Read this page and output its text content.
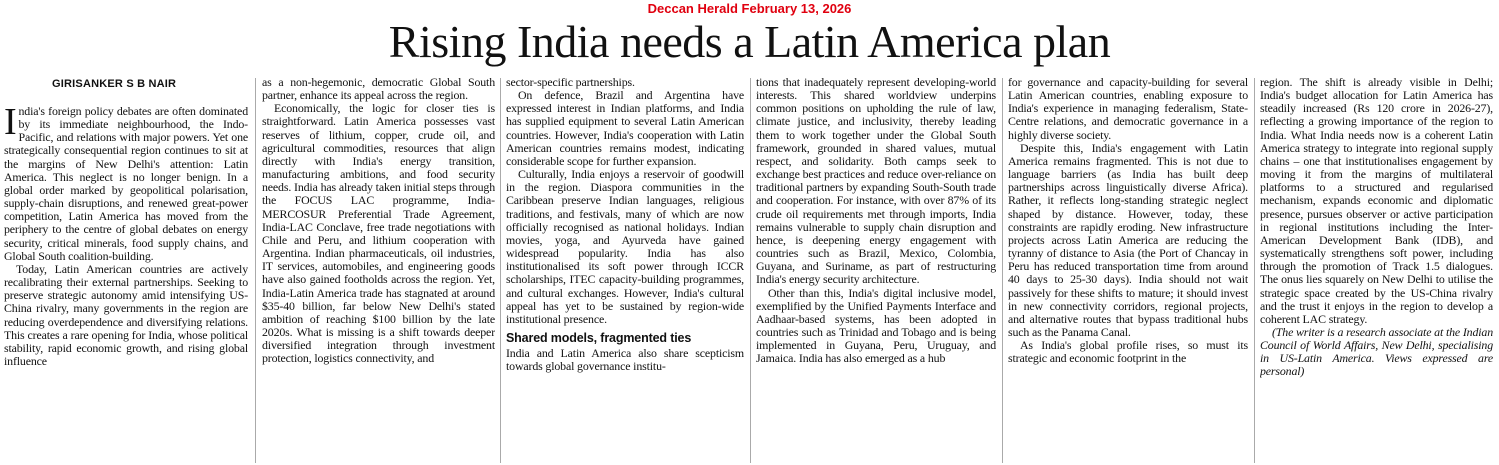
Deccan Herald February 13, 2026
Rising India needs a Latin America plan
GIRISANKER S B NAIR

India's foreign policy debates are often dominated by its immediate neighbourhood, the Indo-Pacific, and relations with major powers. Yet one strategically consequential region continues to sit at the margins of New Delhi's attention: Latin America. This neglect is no longer benign. In a global order marked by geopolitical polarisation, supply-chain disruptions, and renewed great-power competition, Latin America has moved from the periphery to the centre of global debates on energy security, critical minerals, food supply chains, and Global South coalition-building.

Today, Latin American countries are actively recalibrating their external partnerships. Seeking to preserve strategic autonomy amid intensifying US-China rivalry, many governments in the region are reducing overdependence and diversifying relations. This creates a rare opening for India, whose political stability, rapid economic growth, and rising global influence

as a non-hegemonic, democratic Global South partner, enhance its appeal across the region.

Economically, the logic for closer ties is straightforward. Latin America possesses vast reserves of lithium, copper, crude oil, and agricultural commodities, resources that align directly with India's energy transition, manufacturing ambitions, and food security needs. India has already taken initial steps through the FOCUS LAC programme, India-MERCOSUR Preferential Trade Agreement, India-LAC Conclave, free trade negotiations with Chile and Peru, and lithium cooperation with Argentina. Indian pharmaceuticals, oil industries, IT services, automobiles, and engineering goods have also gained footholds across the region. Yet, India-Latin America trade has stagnated at around $35-40 billion, far below New Delhi's stated ambition of reaching $100 billion by the late 2020s. What is missing is a shift towards deeper diversified integration through investment protection, logistics connectivity, and

sector-specific partnerships.

On defence, Brazil and Argentina have expressed interest in Indian platforms, and India has supplied equipment to several Latin American countries. However, India's cooperation with Latin American countries remains modest, indicating considerable scope for further expansion.

Culturally, India enjoys a reservoir of goodwill in the region. Diaspora communities in the Caribbean preserve Indian languages, religious traditions, and festivals, many of which are now officially recognised as national holidays. Indian movies, yoga, and Ayurveda have gained widespread popularity. India has also institutionalised its soft power through ICCR scholarships, ITEC capacity-building programmes, and cultural exchanges. However, India's cultural appeal has yet to be sustained by region-wide institutional presence.

Shared models, fragmented ties

India and Latin America also share scepticism towards global governance institu-

tions that inadequately represent developing-world interests. This shared worldview underpins common positions on upholding the rule of law, climate justice, and inclusivity, thereby leading them to work together under the Global South framework, grounded in shared values, mutual respect, and solidarity. Both camps seek to exchange best practices and reduce over-reliance on traditional partners by expanding South-South trade and cooperation. For instance, with over 87% of its crude oil requirements met through imports, India remains vulnerable to supply chain disruption and hence, is deepening energy engagement with countries such as Brazil, Mexico, Colombia, Guyana, and Suriname, as part of restructuring India's energy security architecture.

Other than this, India's digital inclusive model, exemplified by the Unified Payments Interface and Aadhaar-based systems, has been adopted in countries such as Trinidad and Tobago and is being implemented in Guyana, Peru, Uruguay, and Jamaica. India has also emerged as a hub

for governance and capacity-building for several Latin American countries, enabling exposure to India's experience in managing federalism, State-Centre relations, and democratic governance in a highly diverse society.

Despite this, India's engagement with Latin America remains fragmented. This is not due to language barriers (as India has built deep partnerships across linguistically diverse Africa). Rather, it reflects long-standing strategic neglect shaped by distance. However, today, these constraints are rapidly eroding. New infrastructure projects across Latin America are reducing the tyranny of distance to Asia (the Port of Chancay in Peru has reduced transportation time from around 40 days to 25-30 days). India should not wait passively for these shifts to mature; it should invest in new connectivity corridors, regional projects, and alternative routes that bypass traditional hubs such as the Panama Canal.

As India's global profile rises, so must its strategic and economic footprint in the

region. The shift is already visible in Delhi; India's budget allocation for Latin America has steadily increased (Rs 120 crore in 2026-27), reflecting a growing importance of the region to India. What India needs now is a coherent Latin America strategy to integrate into regional supply chains – one that institutionalises engagement by moving it from the margins of multilateral platforms to a structured and regularised mechanism, expands economic and diplomatic presence, pursues observer or active participation in regional institutions including the Inter-American Development Bank (IDB), and systematically strengthens soft power, including through the promotion of Track 1.5 dialogues. The onus lies squarely on New Delhi to utilise the strategic space created by the US-China rivalry and the trust it enjoys in the region to develop a coherent LAC strategy.

(The writer is a research associate at the Indian Council of World Affairs, New Delhi, specialising in US-Latin America. Views expressed are personal)
